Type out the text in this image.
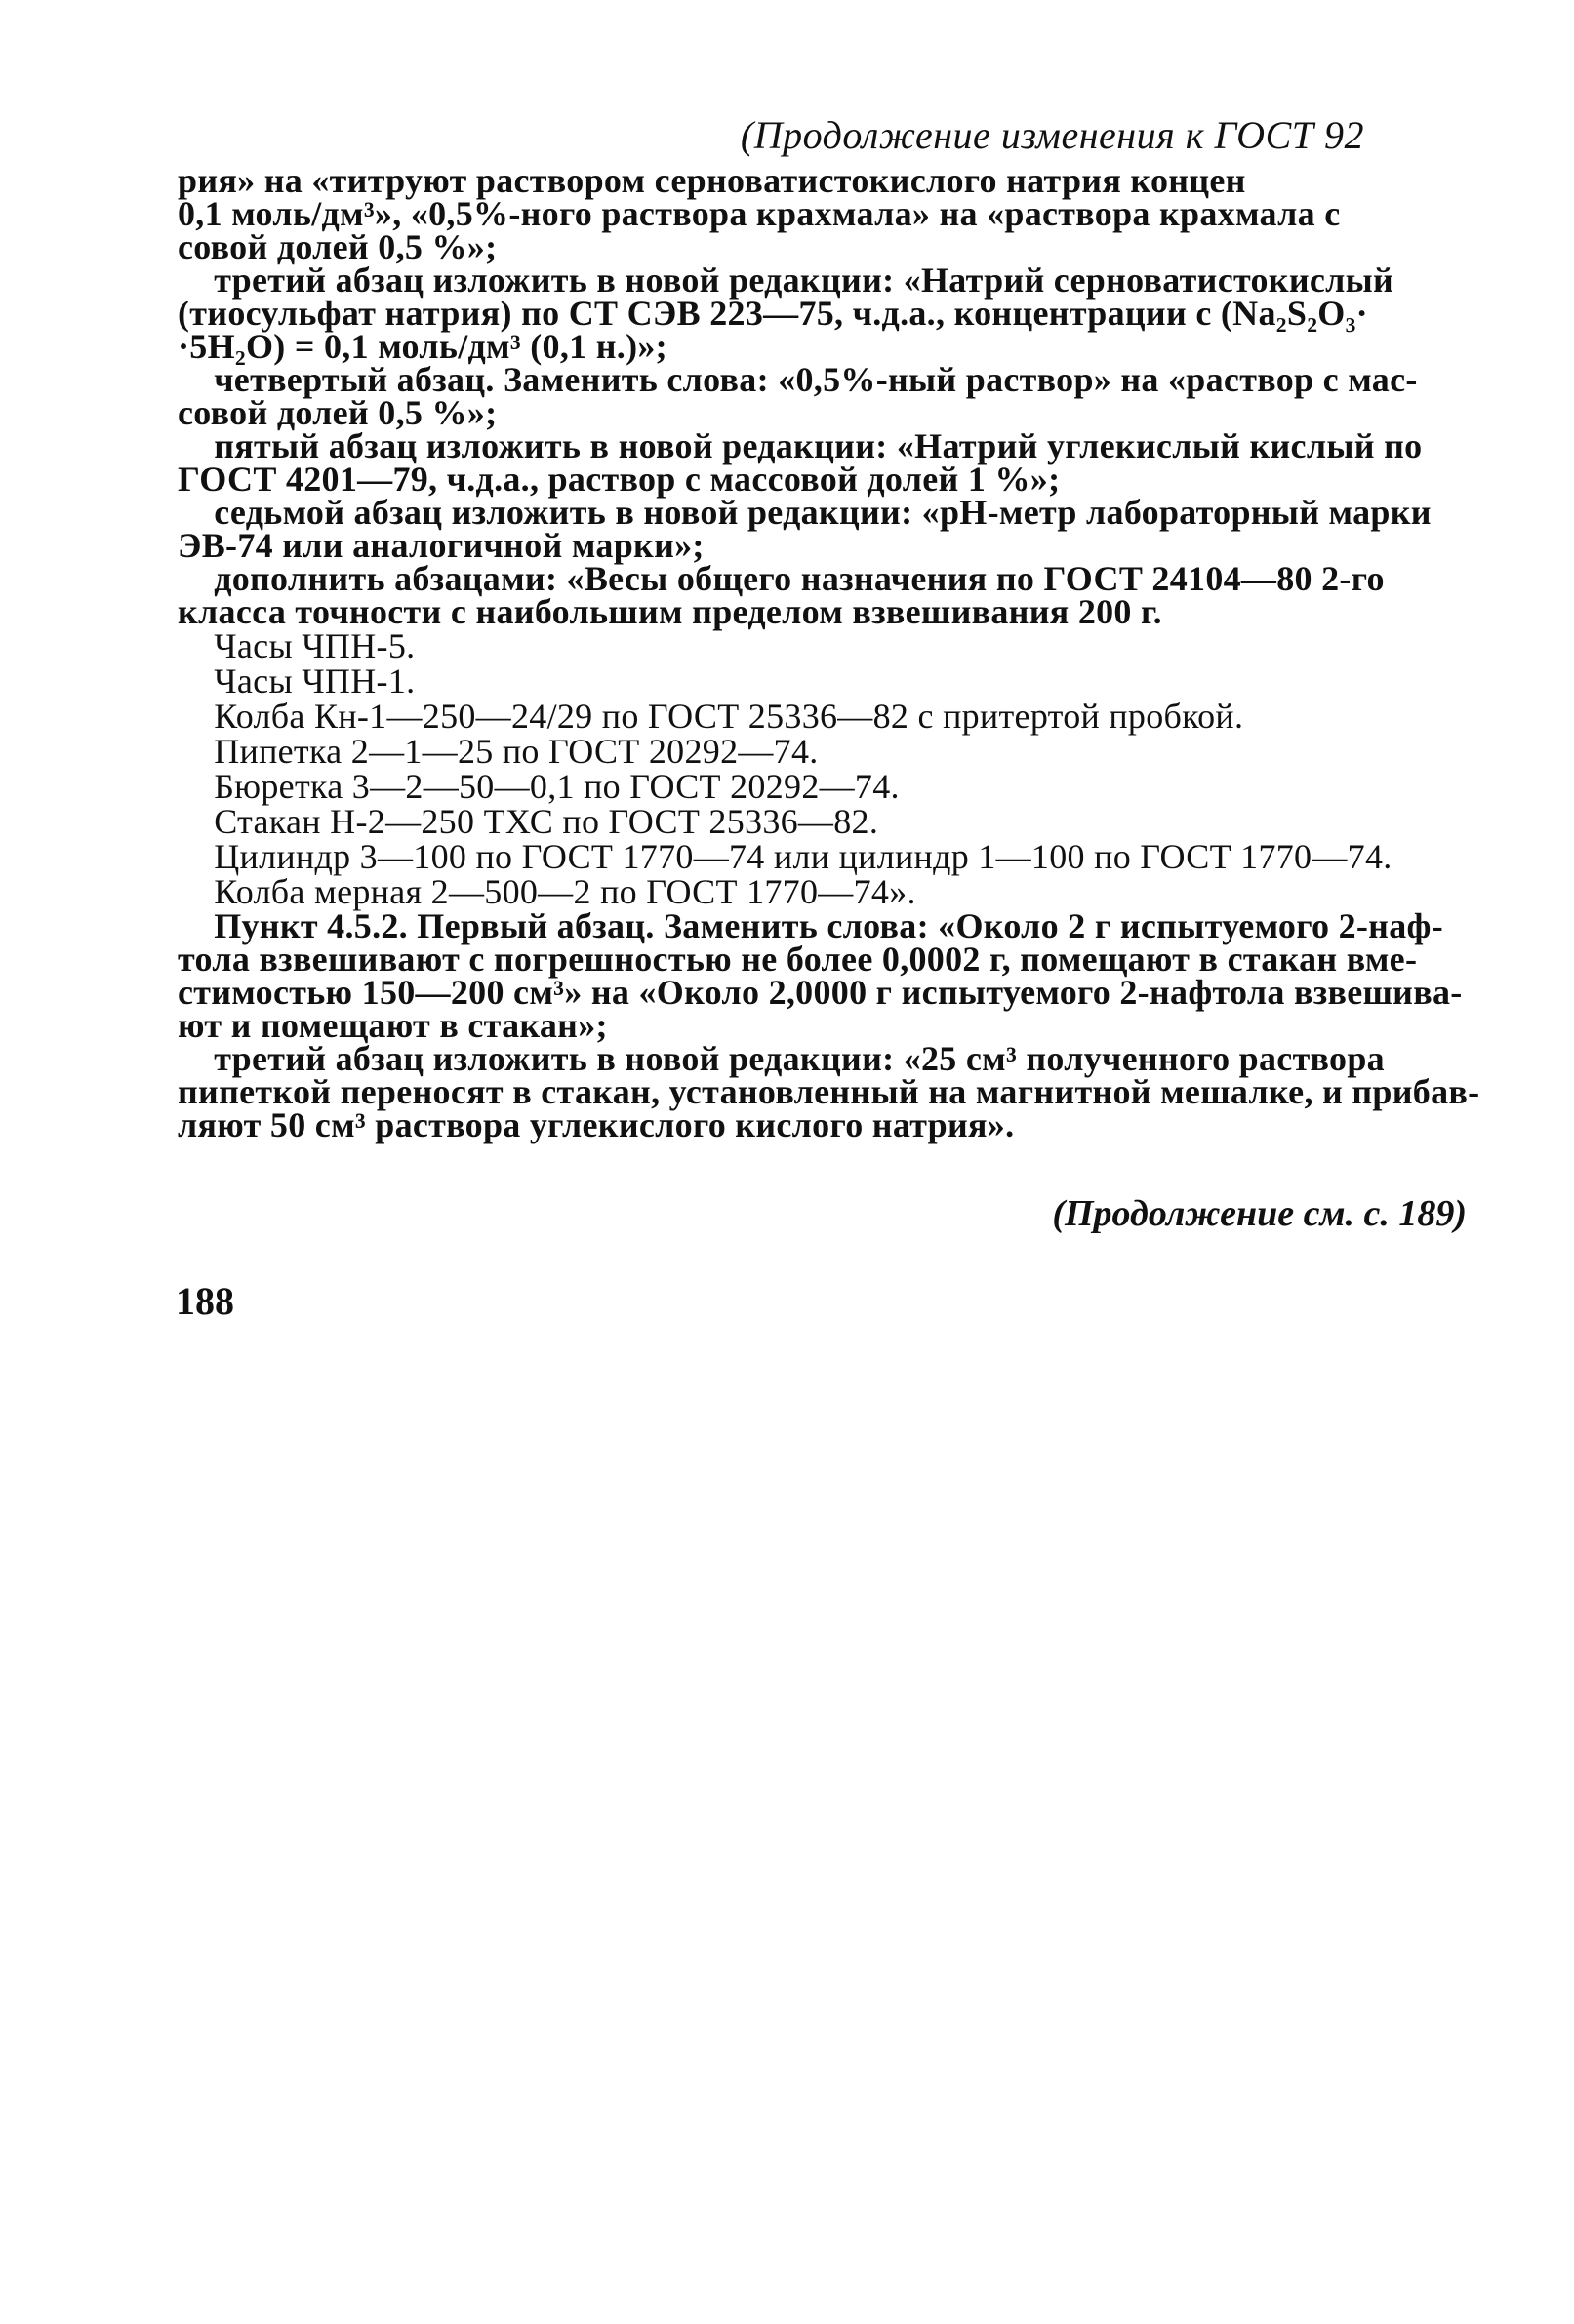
(Продолжение изменения к ГОСТ 92
рия» на «титруют раствором серноватистокислого натрия концен
0,1 моль/дм³», «0,5%-ного раствора крахмала» на «раствора крахмала с
совой долей 0,5 %»;
третий абзац изложить в новой редакции: «Натрий серноватистокислый
(тиосульфат натрия) по СТ СЭВ 223—75, ч.д.а., концентрации с (Na₂S₂O₃·
·5H₂O) = 0,1 моль/дм³ (0,1 н.)»;
четвертый абзац. Заменить слова: «0,5%-ный раствор» на «раствор с мас-
совой долей 0,5 %»;
пятый абзац изложить в новой редакции: «Натрий углекислый кислый по
ГОСТ 4201—79, ч.д.а., раствор с массовой долей 1 %»;
седьмой абзац изложить в новой редакции: «рН-метр лабораторный марки
ЭВ-74 или аналогичной марки»;
дополнить абзацами: «Весы общего назначения по ГОСТ 24104—80 2-го
класса точности с наибольшим пределом взвешивания 200 г.
Часы ЧПН-5.
Часы ЧПН-1.
Колба Кн-1—250—24/29 по ГОСТ 25336—82 с притертой пробкой.
Пипетка 2—1—25 по ГОСТ 20292—74.
Бюретка 3—2—50—0,1 по ГОСТ 20292—74.
Стакан Н-2—250 ТХС по ГОСТ 25336—82.
Цилиндр 3—100 по ГОСТ 1770—74 или цилиндр 1—100 по ГОСТ 1770—74.
Колба мерная 2—500—2 по ГОСТ 1770—74».
Пункт 4.5.2. Первый абзац. Заменить слова: «Около 2 г испытуемого 2-наф-
тола взвешивают с погрешностью не более 0,0002 г, помещают в стакан вме-
стимостью 150—200 см³» на «Около 2,0000 г испытуемого 2-нафтола взвешива-
ют и помещают в стакан»;
третий абзац изложить в новой редакции: «25 см³ полученного раствора
пипеткой переносят в стакан, установленный на магнитной мешалке, и прибав-
ляют 50 см³ раствора углекислого кислого натрия».
(Продолжение см. с. 189)
188
